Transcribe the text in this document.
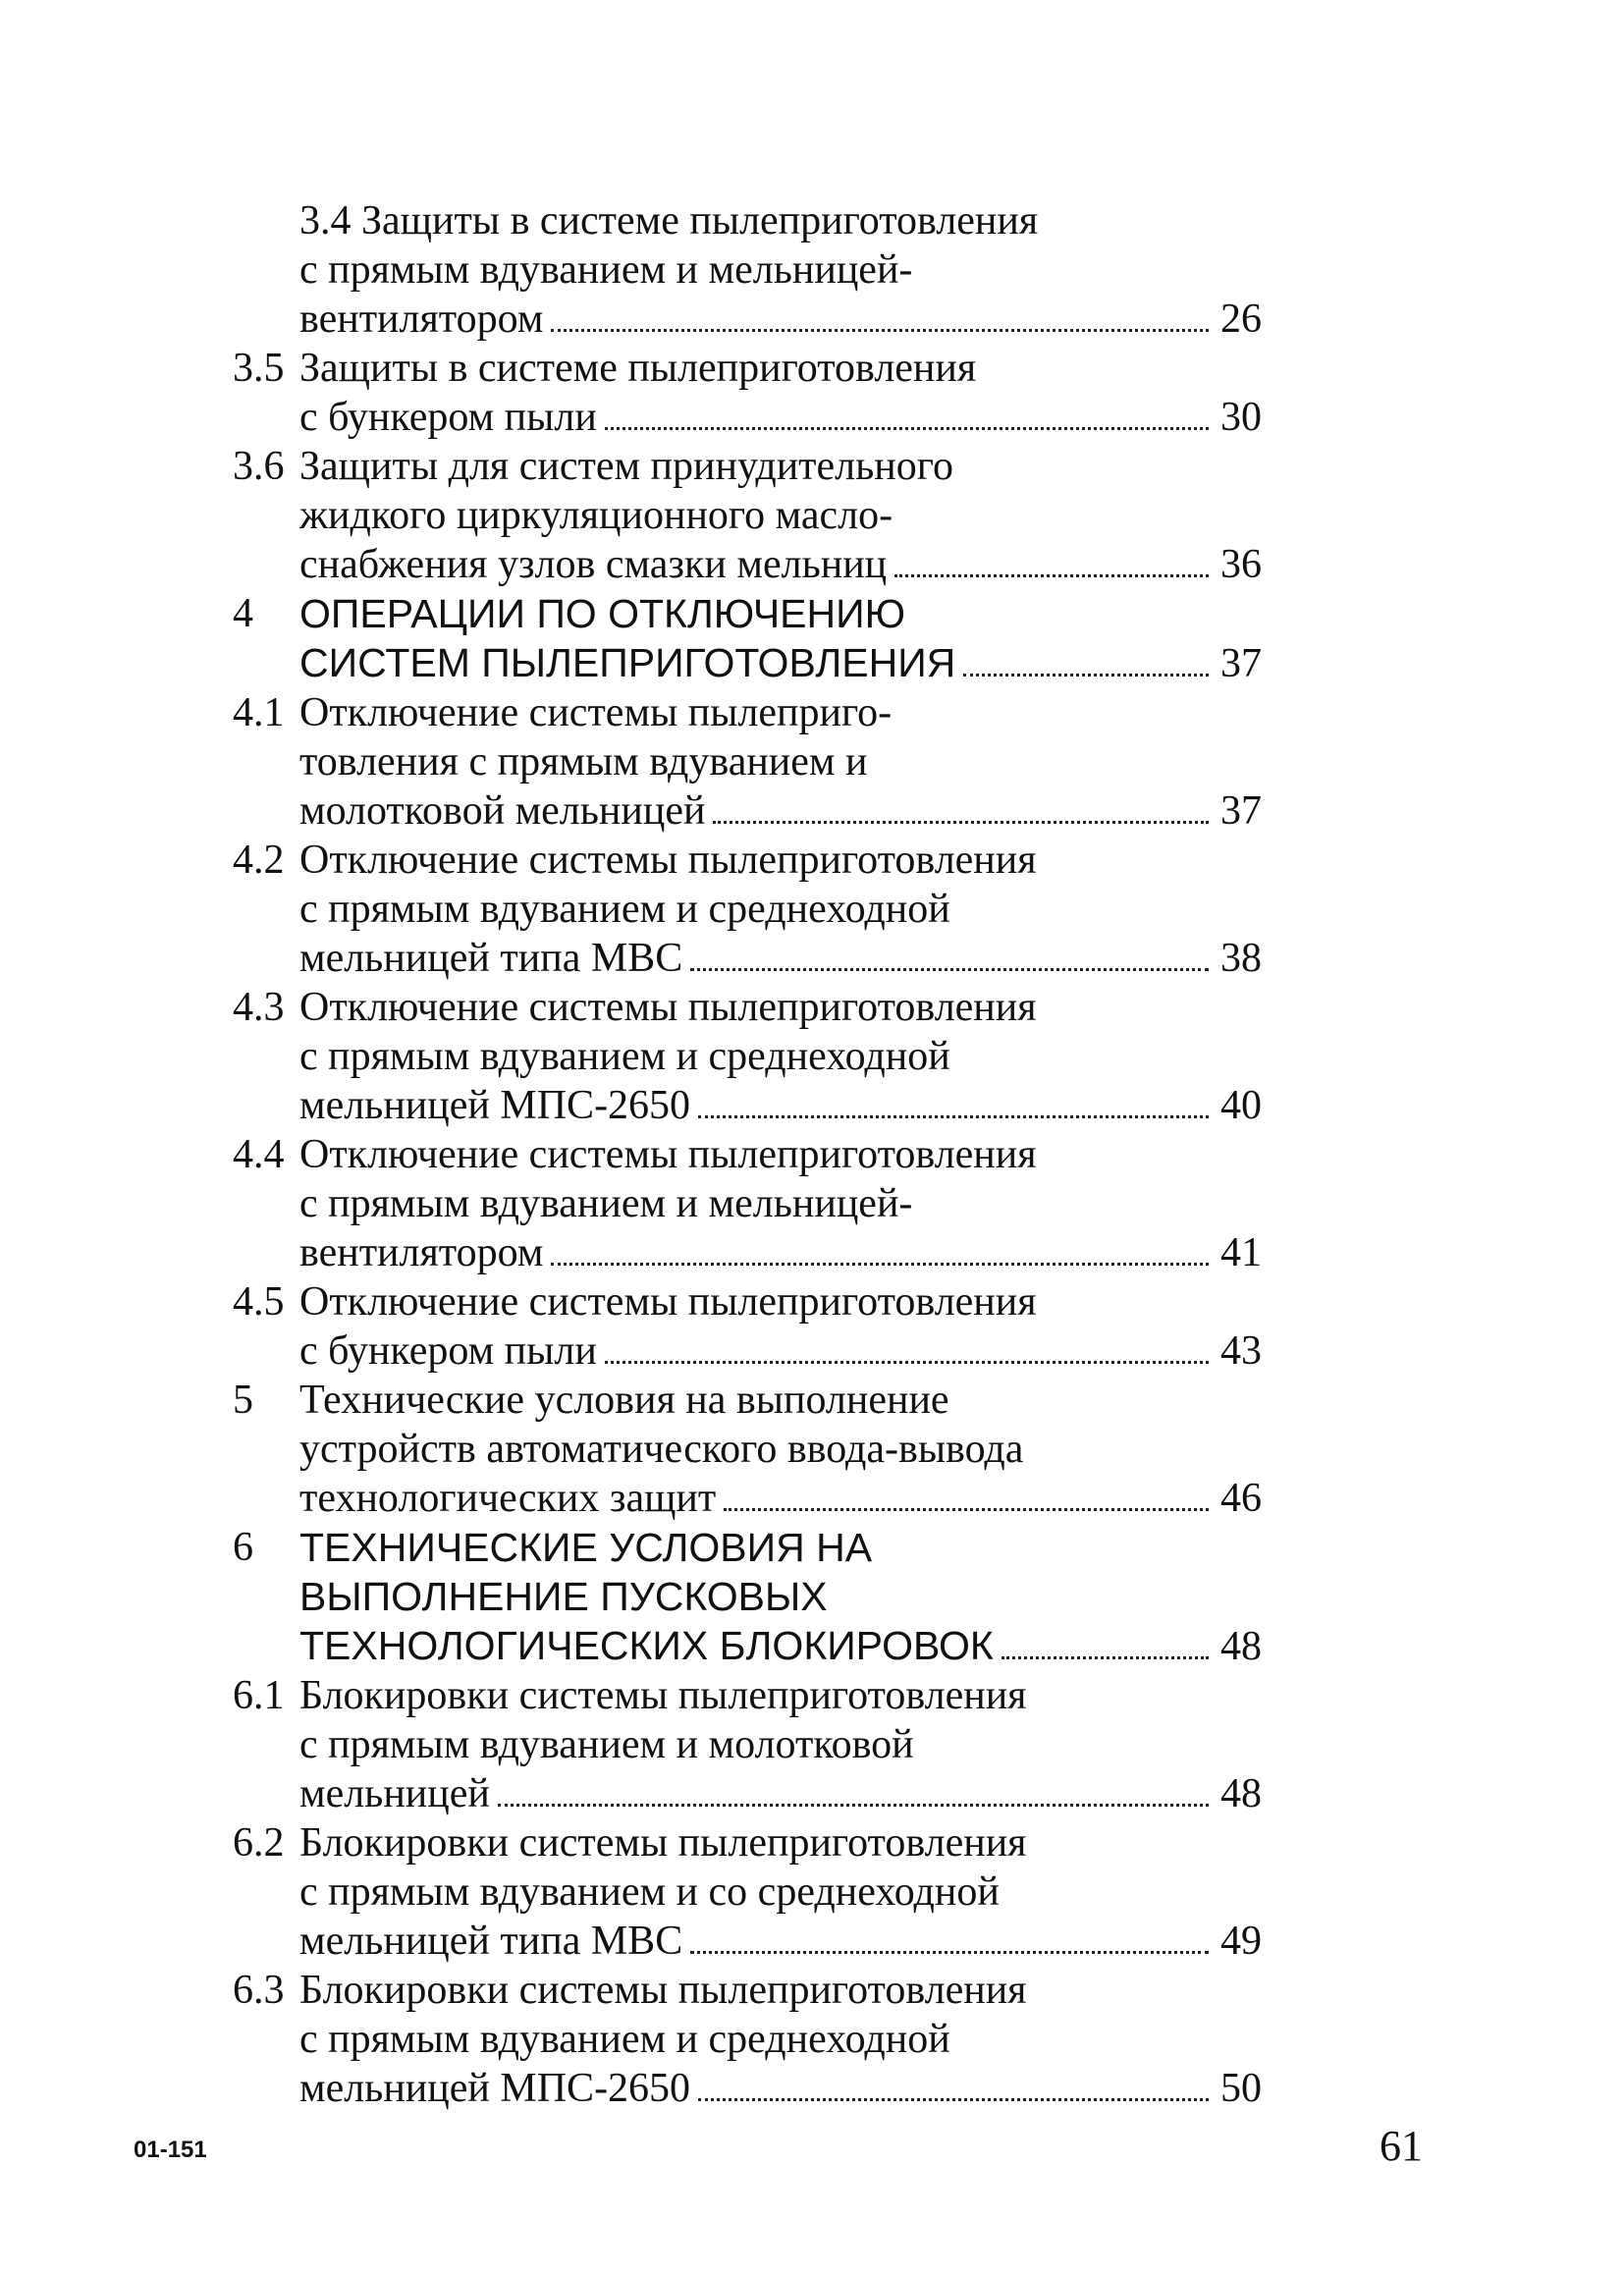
3.4 Защиты в системе пылеприготовления
с прямым вдуванием и мельницей-
вентилятором	26
3.5 Защиты в системе пылеприготовления
с бункером пыли	30
3.6 Защиты для систем принудительного
жидкого циркуляционного масло-
снабжения узлов смазки мельниц	36
4 ОПЕРАЦИИ ПО ОТКЛЮЧЕНИЮ
СИСТЕМ ПЫЛЕПРИГОТОВЛЕНИЯ	37
4.1 Отключение системы пылеприго-
товления с прямым вдуванием и
молотковой мельницей	37
4.2 Отключение системы пылеприготовления
с прямым вдуванием и среднеходной
мельницей типа МВС	38
4.3 Отключение системы пылеприготовления
с прямым вдуванием и среднеходной
мельницей МПС-2650	40
4.4 Отключение системы пылеприготовления
с прямым вдуванием и мельницей-
вентилятором	41
4.5 Отключение системы пылеприготовления
с бункером пыли	43
5 Технические условия на выполнение
устройств автоматического ввода-вывода
технологических защит	46
6 ТЕХНИЧЕСКИЕ УСЛОВИЯ НА
ВЫПОЛНЕНИЕ ПУСКОВЫХ
ТЕХНОЛОГИЧЕСКИХ БЛОКИРОВОК	48
6.1 Блокировки системы пылеприготовления
с прямым вдуванием и молотковой
мельницей	48
6.2 Блокировки системы пылеприготовления
с прямым вдуванием и со среднеходной
мельницей типа МВС	49
6.3 Блокировки системы пылеприготовления
с прямым вдуванием и среднеходной
мельницей МПС-2650	50
01-151	61
